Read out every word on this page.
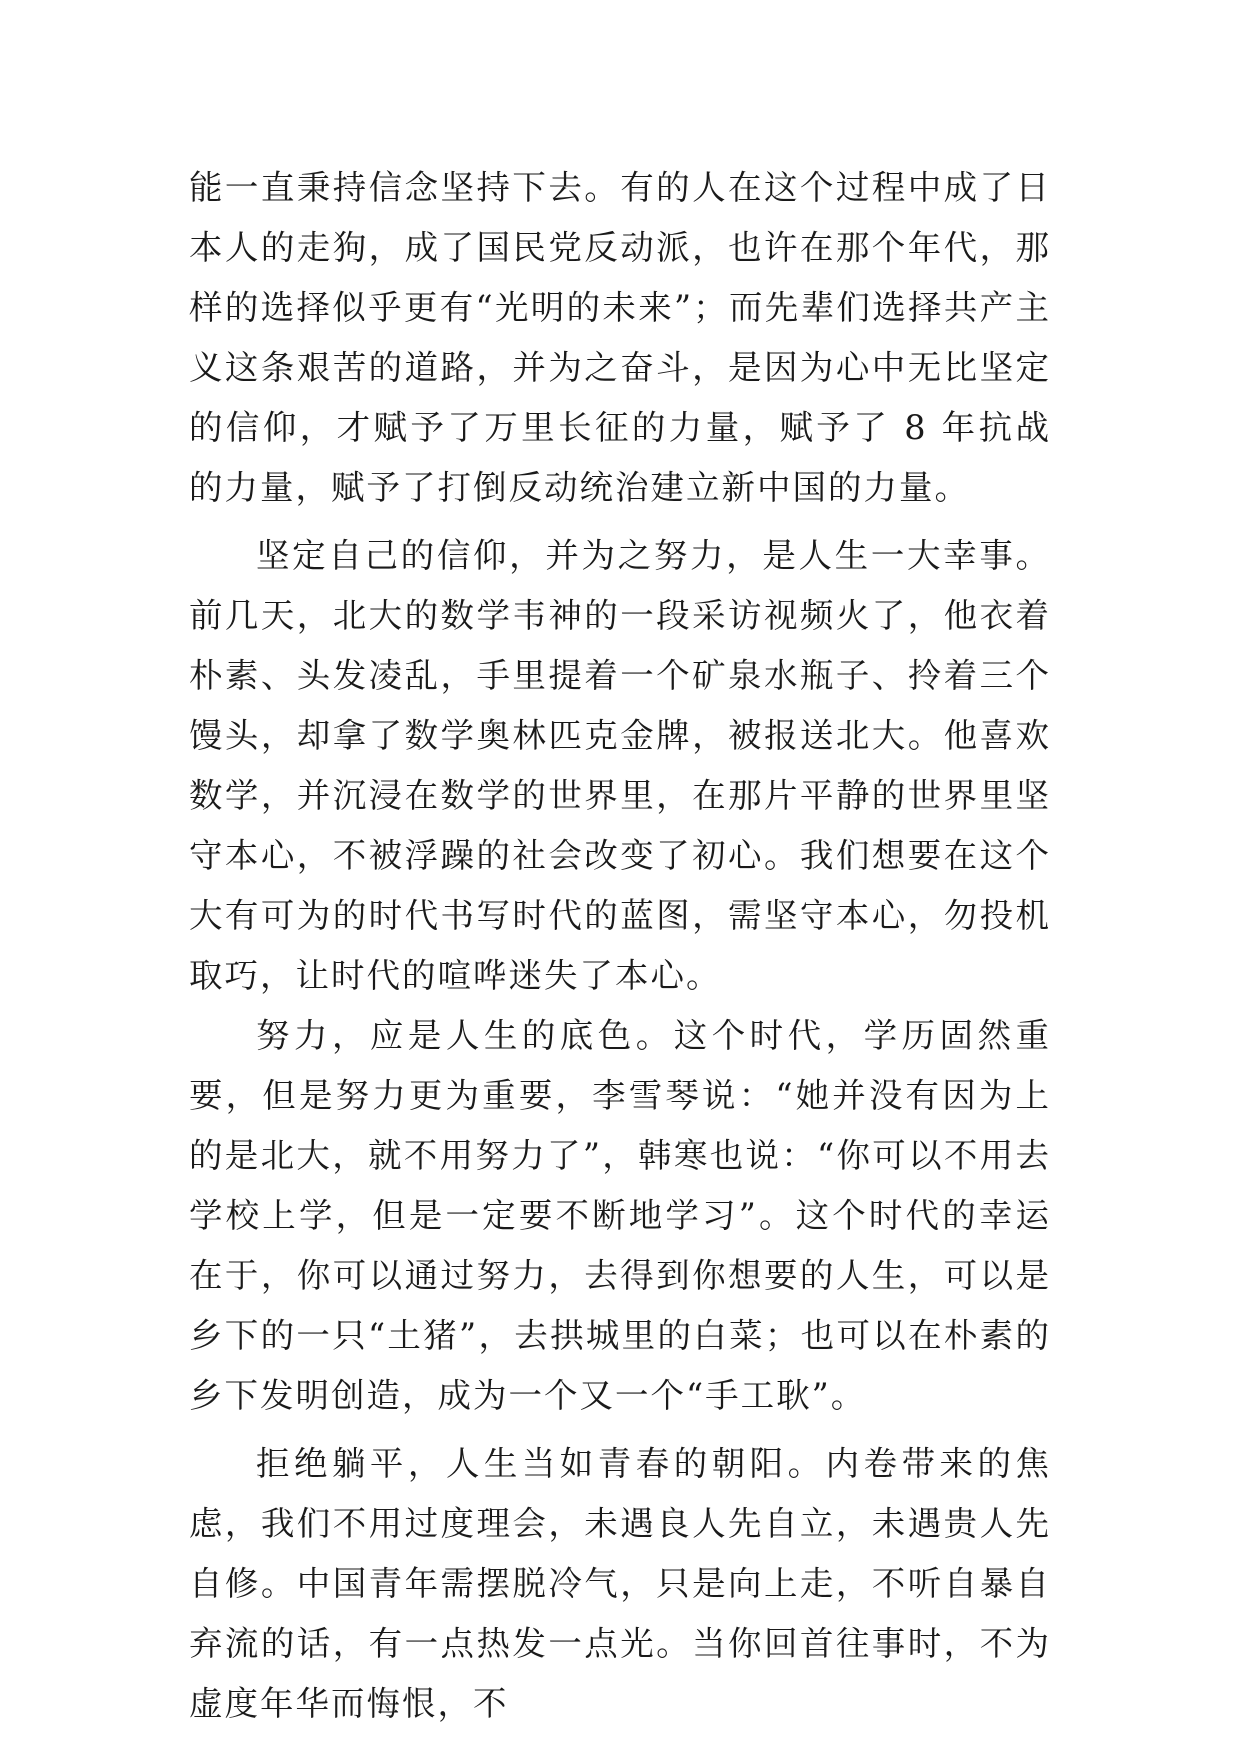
能一直秉持信念坚持下去。有的人在这个过程中成了日本人的走狗，成了国民党反动派，也许在那个年代，那样的选择似乎更有“光明的未来”；而先辈们选择共产主义这条艰苦的道路，并为之奋斗，是因为心中无比坚定的信仰，才赋予了万里长征的力量，赋予了 8 年抗战的力量，赋予了打倒反动统治建立新中国的力量。

坚定自己的信仰，并为之努力，是人生一大幸事。前几天，北大的数学韦神的一段采访视频火了，他衣着朴素、头发凌乱，手里提着一个矿泉水瓶子、拎着三个馒头，却拿了数学奥林匹克金牌，被报送北大。他喜欢数学，并沉浸在数学的世界里，在那片平静的世界里坚守本心，不被浮躁的社会改变了初心。我们想要在这个大有可为的时代书写时代的蓝图，需坚守本心，勿投机取巧，让时代的喧哗迷失了本心。

努力，应是人生的底色。这个时代，学历固然重要，但是努力更为重要，李雪琴说：“她并没有因为上的是北大，就不用努力了”，韩寒也说：“你可以不用去学校上学，但是一定要不断地学习”。这个时代的幸运在于，你可以通过努力，去得到你想要的人生，可以是乡下的一只“土猪”，去拱城里的白菜；也可以在朴素的乡下发明创造，成为一个又一个“手工耿”。

拒绝躺平，人生当如青春的朝阳。内卷带来的焦虑，我们不用过度理会，未遇良人先自立，未遇贵人先自修。中国青年需摆脱冷气，只是向上走，不听自暴自弃流的话，有一点热发一点光。当你回首往事时，不为虚度年华而悔恨，不
